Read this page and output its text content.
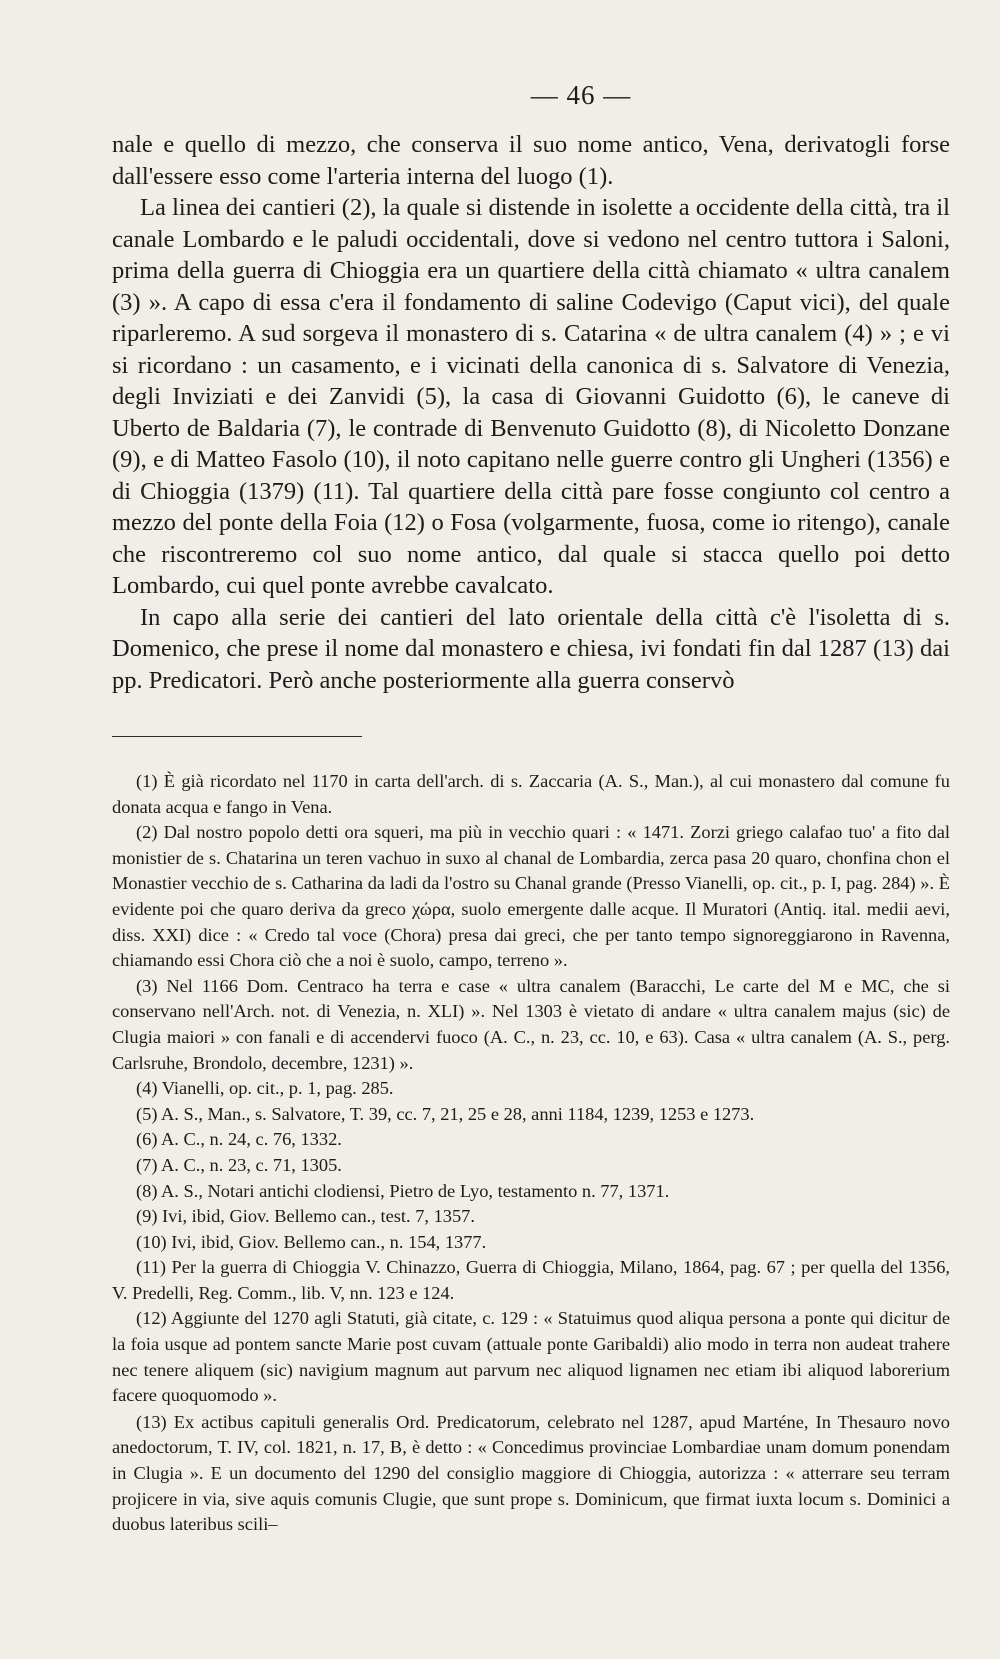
— 46 —

nale e quello di mezzo, che conserva il suo nome antico, Vena, derivatogli forse dall'essere esso come l'arteria interna del luogo (1).

La linea dei cantieri (2), la quale si distende in isolette a occidente della città, tra il canale Lombardo e le paludi occidentali, dove si vedono nel centro tuttora i Saloni, prima della guerra di Chioggia era un quartiere della città chiamato « ultra canalem (3) ». A capo di essa c'era il fondamento di saline Codevigo (Caput vici), del quale riparleremo. A sud sorgeva il monastero di s. Catarina « de ultra canalem (4) » ; e vi si ricordano : un casamento, e i vicinati della canonica di s. Salvatore di Venezia, degli Inviziati e dei Zanvidi (5), la casa di Giovanni Guidotto (6), le caneve di Uberto de Baldaria (7), le contrade di Benvenuto Guidotto (8), di Nicoletto Donzane (9), e di Matteo Fasolo (10), il noto capitano nelle guerre contro gli Ungheri (1356) e di Chioggia (1379) (11). Tal quartiere della città pare fosse congiunto col centro a mezzo del ponte della Foia (12) o Fosa (volgarmente, fuosa, come io ritengo), canale che riscontreremo col suo nome antico, dal quale si stacca quello poi detto Lombardo, cui quel ponte avrebbe cavalcato.

In capo alla serie dei cantieri del lato orientale della città c'è l'isoletta di s. Domenico, che prese il nome dal monastero e chiesa, ivi fondati fin dal 1287 (13) dai pp. Predicatori. Però anche posteriormente alla guerra conservò

(1) È già ricordato nel 1170 in carta dell'arch. di s. Zaccaria (A. S., Man.), al cui monastero dal comune fu donata acqua e fango in Vena.

(2) Dal nostro popolo detti ora squeri, ma più in vecchio quari : « 1471. Zorzi griego calafao tuo' a fito dal monistier de s. Chatarina un teren vachuo in suxo al chanal de Lombardia, zerca pasa 20 quaro, chonfina chon el Monastier vecchio de s. Catharina da ladi da l'ostro su Chanal grande (Presso Vianelli, op. cit., p. I, pag. 284) ». È evidente poi che quaro deriva da greco χώρα, suolo emergente dalle acque. Il Muratori (Antiq. ital. medii aevi, diss. XXI) dice : « Credo tal voce (Chora) presa dai greci, che per tanto tempo signoreggiarono in Ravenna, chiamando essi Chora ciò che a noi è suolo, campo, terreno ».

(3) Nel 1166 Dom. Centraco ha terra e case « ultra canalem (Baracchi, Le carte del M e MC, che si conservano nell'Arch. not. di Venezia, n. XLI) ». Nel 1303 è vietato di andare « ultra canalem majus (sic) de Clugia maiori » con fanali e di accendervi fuoco (A. C., n. 23, cc. 10, e 63). Casa « ultra canalem (A. S., perg. Carlsruhe, Brondolo, decembre, 1231) ».

(4) Vianelli, op. cit., p. 1, pag. 285.

(5) A. S., Man., s. Salvatore, T. 39, cc. 7, 21, 25 e 28, anni 1184, 1239, 1253 e 1273.

(6) A. C., n. 24, c. 76, 1332.

(7) A. C., n. 23, c. 71, 1305.

(8) A. S., Notari antichi clodiensi, Pietro de Lyo, testamento n. 77, 1371.

(9) Ivi, ibid, Giov. Bellemo can., test. 7, 1357.

(10) Ivi, ibid, Giov. Bellemo can., n. 154, 1377.

(11) Per la guerra di Chioggia V. Chinazzo, Guerra di Chioggia, Milano, 1864, pag. 67 ; per quella del 1356, V. Predelli, Reg. Comm., lib. V, nn. 123 e 124.

(12) Aggiunte del 1270 agli Statuti, già citate, c. 129 : « Statuimus quod aliqua persona a ponte qui dicitur de la foia usque ad pontem sancte Marie post cuvam (attuale ponte Garibaldi) alio modo in terra non audeat trahere nec tenere aliquem (sic) navigium magnum aut parvum nec aliquod lignamen nec etiam ibi aliquod laborerium facere quoquomodo ».

(13) Ex actibus capituli generalis Ord. Predicatorum, celebrato nel 1287, apud Marténe, In Thesauro novo anedoctorum, T. IV, col. 1821, n. 17, B, è detto : « Concedimus provinciae Lombardiae unam domum ponendam in Clugia ». E un documento del 1290 del consiglio maggiore di Chioggia, autorizza : « atterrare seu terram projicere in via, sive aquis comunis Clugie, que sunt prope s. Dominicum, que firmat iuxta locum s. Dominici a duobus lateribus scili–
